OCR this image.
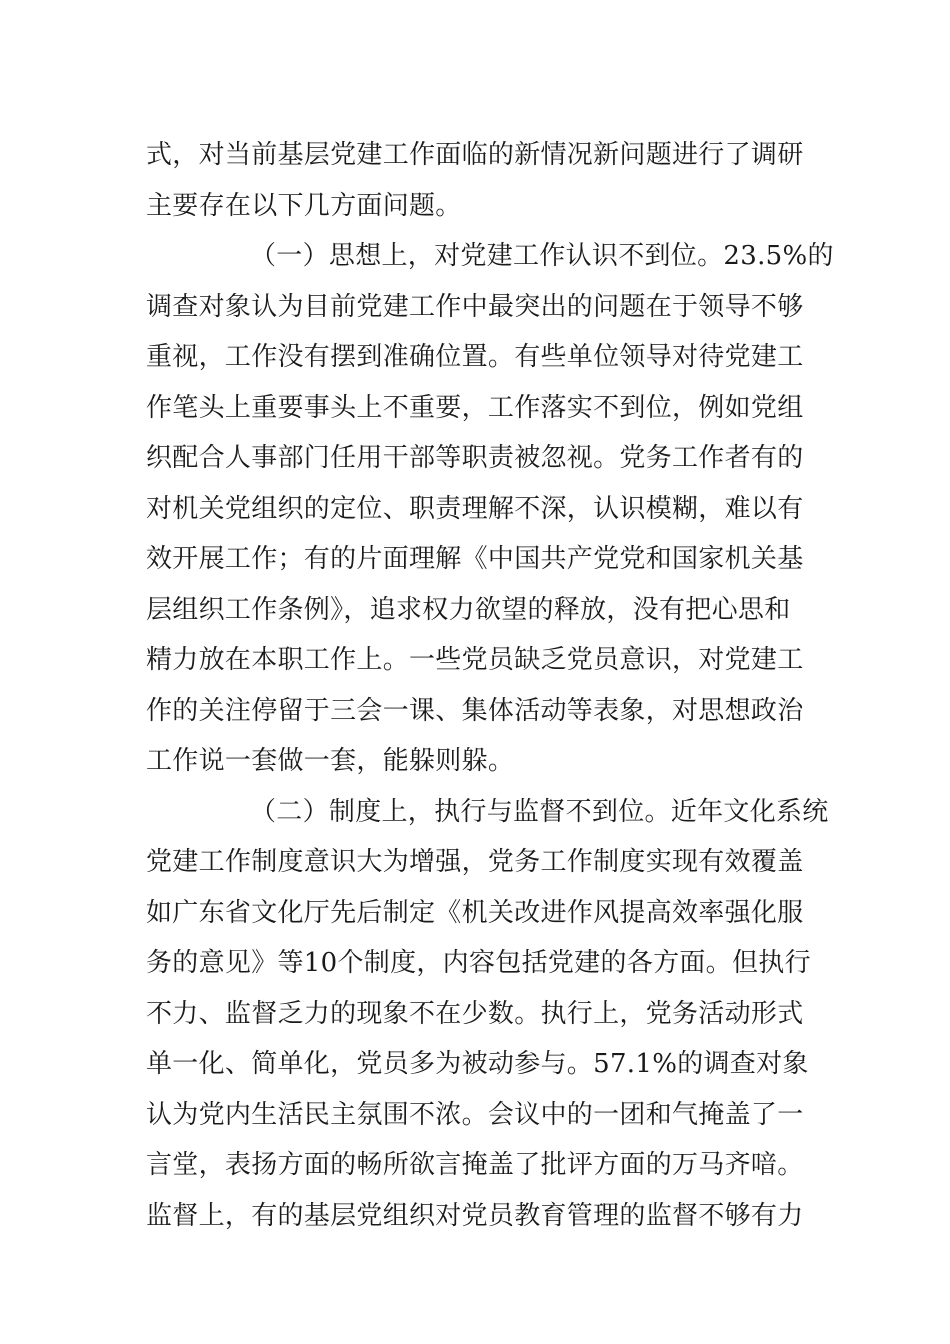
式，对当前基层党建工作面临的新情况新问题进行了调研
主要存在以下几方面问题。
（一）思想上，对党建工作认识不到位。23.5%的
调查对象认为目前党建工作中最突出的问题在于领导不够
重视，工作没有摆到准确位置。有些单位领导对待党建工
作笔头上重要事头上不重要，工作落实不到位，例如党组
织配合人事部门任用干部等职责被忽视。党务工作者有的
对机关党组织的定位、职责理解不深，认识模糊，难以有
效开展工作；有的片面理解《中国共产党党和国家机关基
层组织工作条例》，追求权力欲望的释放，没有把心思和
精力放在本职工作上。一些党员缺乏党员意识，对党建工
作的关注停留于三会一课、集体活动等表象，对思想政治
工作说一套做一套，能躲则躲。
（二）制度上，执行与监督不到位。近年文化系统
党建工作制度意识大为增强，党务工作制度实现有效覆盖
如广东省文化厅先后制定《机关改进作风提高效率强化服
务的意见》等10个制度，内容包括党建的各方面。但执行
不力、监督乏力的现象不在少数。执行上，党务活动形式
单一化、简单化，党员多为被动参与。57.1%的调查对象
认为党内生活民主氛围不浓。会议中的一团和气掩盖了一
言堂，表扬方面的畅所欲言掩盖了批评方面的万马齐喑。
监督上，有的基层党组织对党员教育管理的监督不够有力
